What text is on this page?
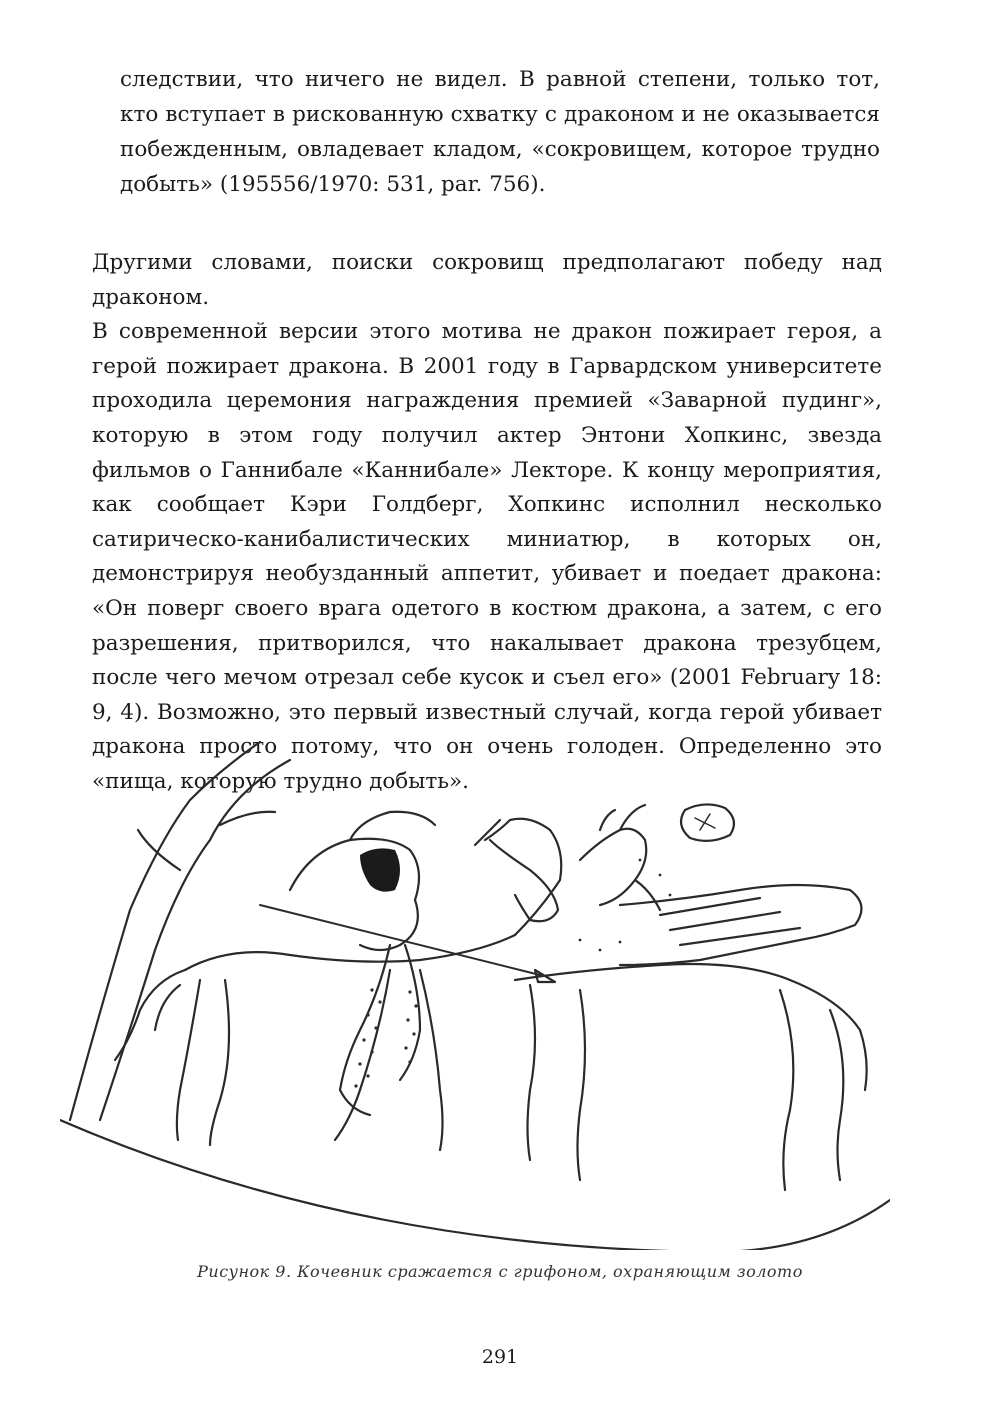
следствии, что ничего не видел. В равной степени, только тот, кто вступает в рискованную схватку с драконом и не оказывается побежденным, овладевает кладом, «сокровищем, которое трудно добыть» (195556/1970: 531, par. 756).

Другими словами, поиски сокровищ предполагают победу над драконом.

В современной версии этого мотива не дракон пожирает героя, а герой пожирает дракона. В 2001 году в Гарвардском университете проходила церемония награждения премией «Заварной пудинг», которую в этом году получил актер Энтони Хопкинс, звезда фильмов о Ганнибале «Каннибале» Лекторе. К концу мероприятия, как сообщает Кэри Голдберг, Хопкинс исполнил несколько сатирическо-канибалистических миниатюр, в которых он, демонстрируя необузданный аппетит, убивает и поедает дракона: «Он поверг своего врага одетого в костюм дракона, а затем, с его разрешения, притворился, что накалывает дракона трезубцем, после чего мечом отрезал себе кусок и съел его» (2001 February 18: 9, 4). Возможно, это первый известный случай, когда герой убивает дракона просто потому, что он очень голоден. Определенно это «пища, которую трудно добыть».

Рисунок 9. Кочевник сражается с грифоном, охраняющим золото
291
